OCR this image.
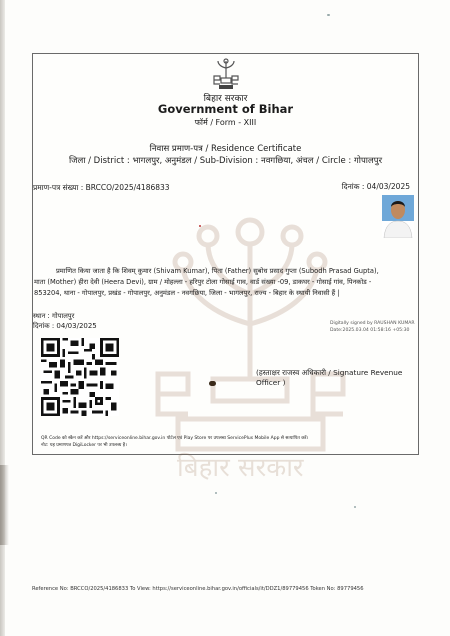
बिहार सरकार
बिहार सरकार
Government of Bihar
फॉर्म / Form - XIII
निवास प्रमाण-पत्र / Residence Certificate
जिला / District : भागलपुर, अनुमंडल / Sub-Division : नवगछिया, अंचल / Circle : गोपालपुर
प्रमाण-पत्र संख्या : BRCCO/2025/4186833	दिनांक : 04/03/2025
प्रमाणित किया जाता है कि शिवम् कुमार (Shivam Kumar), पिता (Father) सुबोध प्रसाद गुप्ता (Subodh Prasad Gupta),
माता (Mother) हीरा देवी (Heera Devi), ग्राम / मोहल्ला - हरिपुर टोला गोसाई गाव, वार्ड संख्या -09, डाकघर - गोसाई गांव, पिनकोड -
853204, थाना - गोपालपुर, प्रखंड - गोपालपुर, अनुमंडल - नवगछिया, जिला - भागलपुर, राज्य - बिहार के स्थायी निवासी हैं |
स्थान : गोपालपुर
दिनांक : 04/03/2025	Digitally signed by RAUSHAN KUMAR
Date:2025.03.04 01:58:16 +05:30
(हस्ताक्षर राजस्व अधिकारी / Signature Revenue Officer )
QR Code को स्कैन करें और https://serviceonline.bihar.gov.in पोर्टल एवं Play Store पर उपलब्ध ServicePlus Mobile App से सत्यापित करें।
नोट: यह प्रमाणपत्र DigiLocker पर भी उपलब्ध है।
Reference No: BRCCO/2025/4186833 To View: https://serviceonline.bihar.gov.in/officials/it/DDZ1/89779456 Token No: 89779456
